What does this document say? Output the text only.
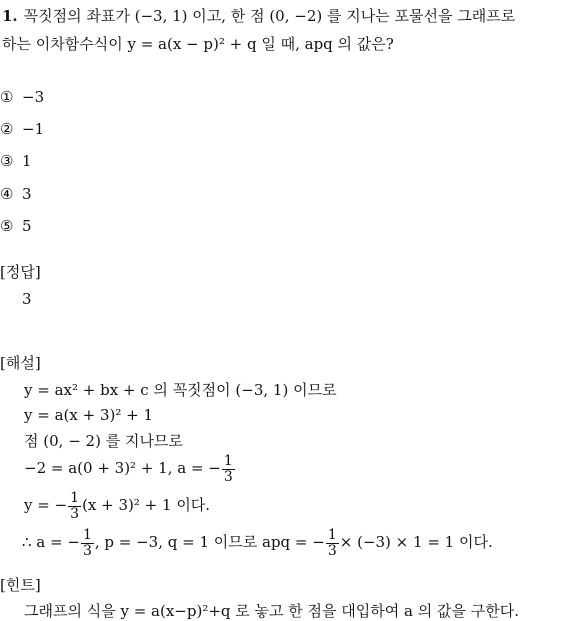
1. 꼭짓점의 좌표가 (−3, 1) 이고, 한 점 (0, −2) 를 지나는 포물선을 그래프로
하는 이차함수식이 y = a(x − p)² + q 일 때, apq 의 값은?
① −3
② −1
③ 1
④ 3
⑤ 5
[정답]
3
[해설]
y = ax² + bx + c 의 꼭짓점이 (−3, 1) 이므로
y = a(x + 3)² + 1
점 (0, − 2) 를 지나므로
−2 = a(0 + 3)² + 1, a = − $\frac{1}{3}$
y = − $\frac{1}{3} (x + 3)^2 + 1$ 이다.
∴ a = − $\frac{1}{3}$ , p = −3, q = 1 이므로 apq = − $\frac{1}{3} \times (-3) \times 1 = 1$ 이다.
[힌트]
그래프의 식을 y = a(x−p)²+q 로 놓고 한 점을 대입하여 a 의 값을 구한다.
